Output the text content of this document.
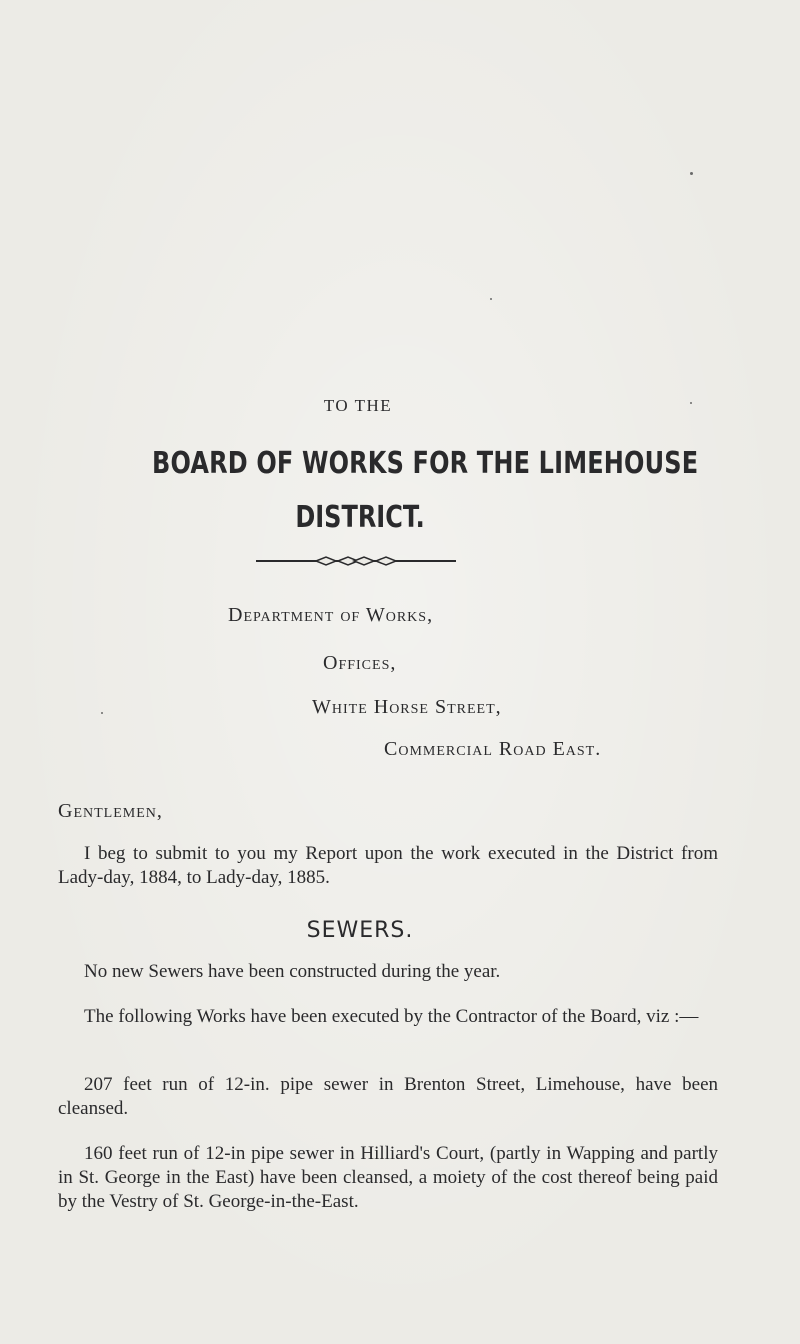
TO THE
BOARD OF WORKS FOR THE LIMEHOUSE
DISTRICT.
Department of Works,
Offices,
White Horse Street,
Commercial Road East.
Gentlemen,
I beg to submit to you my Report upon the work executed in the District from Lady-day, 1884, to Lady-day, 1885.
SEWERS.
No new Sewers have been constructed during the year.
The following Works have been executed by the Contractor of the Board, viz :—
207 feet run of 12-in. pipe sewer in Brenton Street, Limehouse, have been cleansed.
160 feet run of 12-in pipe sewer in Hilliard's Court, (partly in Wapping and partly in St. George in the East) have been cleansed, a moiety of the cost thereof being paid by the Vestry of St. George-in-the-East.
